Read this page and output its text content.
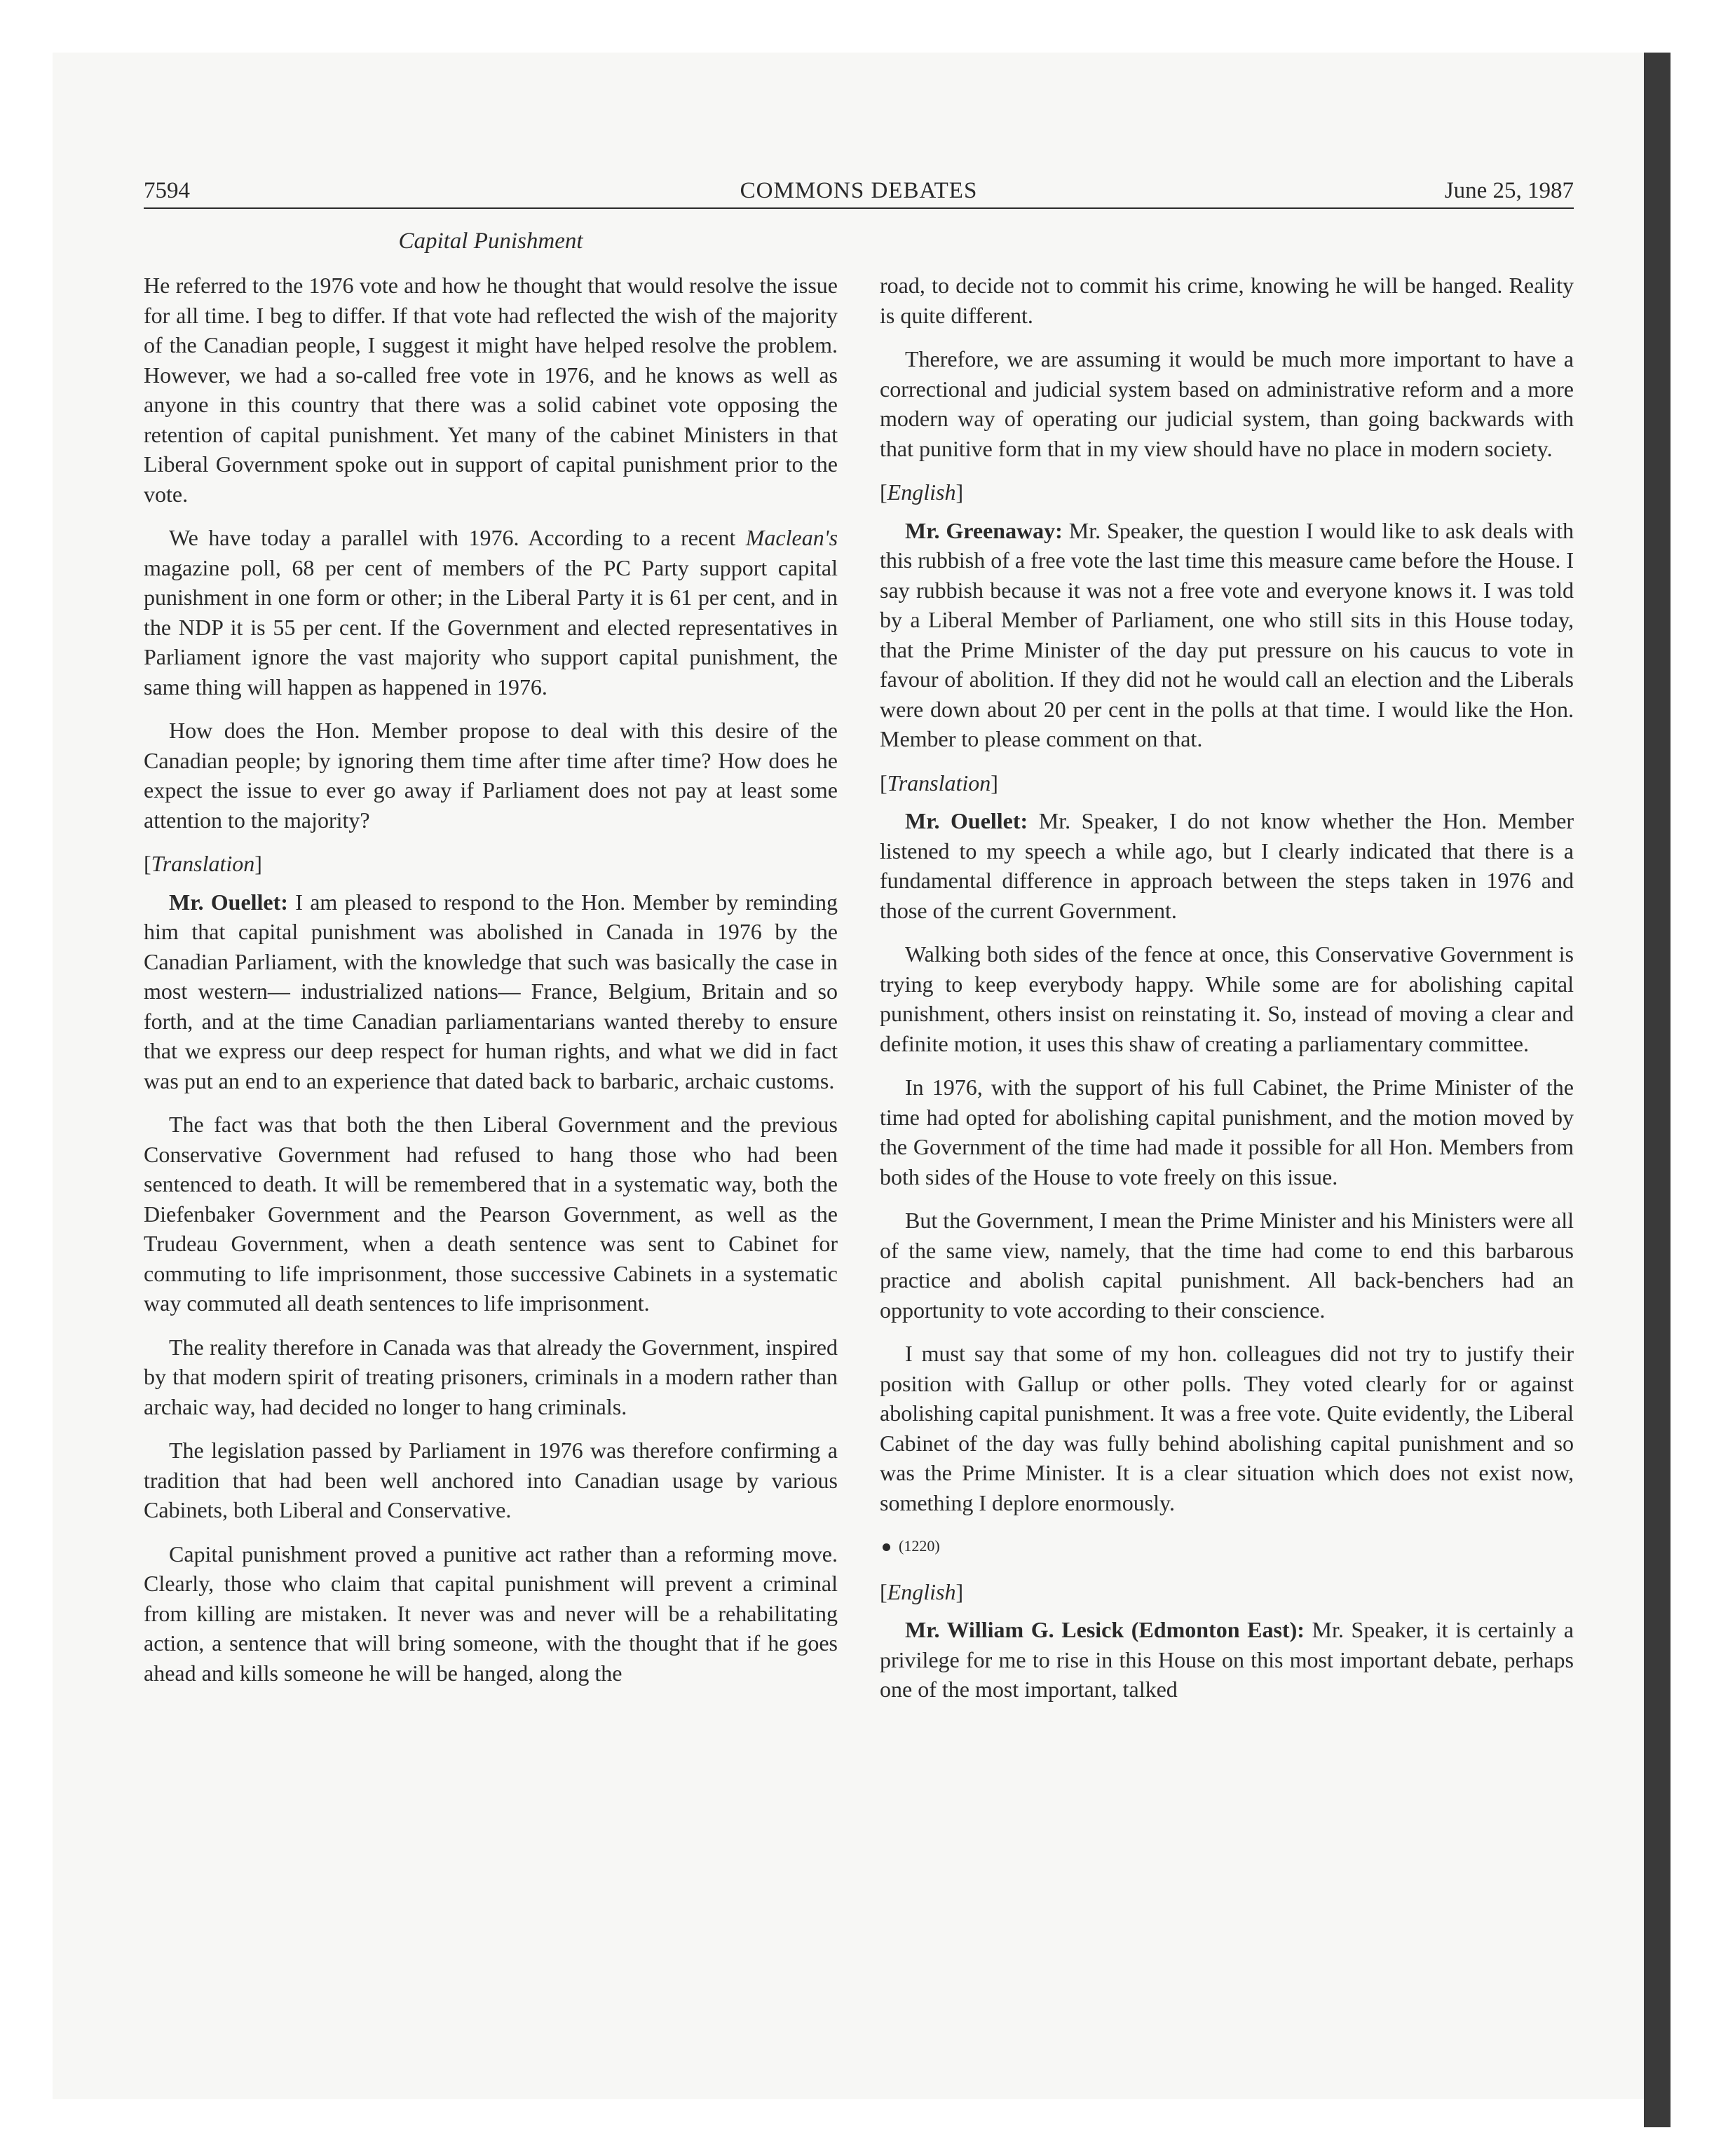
7594	COMMONS DEBATES	June 25, 1987
Capital Punishment

He referred to the 1976 vote and how he thought that would resolve the issue for all time. I beg to differ. If that vote had reflected the wish of the majority of the Canadian people, I suggest it might have helped resolve the problem. However, we had a so-called free vote in 1976, and he knows as well as anyone in this country that there was a solid cabinet vote opposing the retention of capital punishment. Yet many of the cabinet Ministers in that Liberal Government spoke out in support of capital punishment prior to the vote.

We have today a parallel with 1976. According to a recent Maclean's magazine poll, 68 per cent of members of the PC Party support capital punishment in one form or other; in the Liberal Party it is 61 per cent, and in the NDP it is 55 per cent. If the Government and elected representatives in Parliament ignore the vast majority who support capital punishment, the same thing will happen as happened in 1976.

How does the Hon. Member propose to deal with this desire of the Canadian people; by ignoring them time after time after time? How does he expect the issue to ever go away if Parliament does not pay at least some attention to the majority?

[Translation]

Mr. Ouellet: I am pleased to respond to the Hon. Member by reminding him that capital punishment was abolished in Canada in 1976 by the Canadian Parliament, with the knowledge that such was basically the case in most western— industrialized nations— France, Belgium, Britain and so forth, and at the time Canadian parliamentarians wanted thereby to ensure that we express our deep respect for human rights, and what we did in fact was put an end to an experience that dated back to barbaric, archaic customs.

The fact was that both the then Liberal Government and the previous Conservative Government had refused to hang those who had been sentenced to death. It will be remembered that in a systematic way, both the Diefenbaker Government and the Pearson Government, as well as the Trudeau Government, when a death sentence was sent to Cabinet for commuting to life imprisonment, those successive Cabinets in a systematic way commuted all death sentences to life imprisonment.

The reality therefore in Canada was that already the Government, inspired by that modern spirit of treating prisoners, criminals in a modern rather than archaic way, had decided no longer to hang criminals.

The legislation passed by Parliament in 1976 was therefore confirming a tradition that had been well anchored into Canadian usage by various Cabinets, both Liberal and Conservative.

Capital punishment proved a punitive act rather than a reforming move. Clearly, those who claim that capital punishment will prevent a criminal from killing are mistaken. It never was and never will be a rehabilitating action, a sentence that will bring someone, with the thought that if he goes ahead and kills someone he will be hanged, along the

road, to decide not to commit his crime, knowing he will be hanged. Reality is quite different.

Therefore, we are assuming it would be much more important to have a correctional and judicial system based on administrative reform and a more modern way of operating our judicial system, than going backwards with that punitive form that in my view should have no place in modern society.

[English]

Mr. Greenaway: Mr. Speaker, the question I would like to ask deals with this rubbish of a free vote the last time this measure came before the House. I say rubbish because it was not a free vote and everyone knows it. I was told by a Liberal Member of Parliament, one who still sits in this House today, that the Prime Minister of the day put pressure on his caucus to vote in favour of abolition. If they did not he would call an election and the Liberals were down about 20 per cent in the polls at that time. I would like the Hon. Member to please comment on that.

[Translation]

Mr. Ouellet: Mr. Speaker, I do not know whether the Hon. Member listened to my speech a while ago, but I clearly indicated that there is a fundamental difference in approach between the steps taken in 1976 and those of the current Government.

Walking both sides of the fence at once, this Conservative Government is trying to keep everybody happy. While some are for abolishing capital punishment, others insist on reinstating it. So, instead of moving a clear and definite motion, it uses this shaw of creating a parliamentary committee.

In 1976, with the support of his full Cabinet, the Prime Minister of the time had opted for abolishing capital punishment, and the motion moved by the Government of the time had made it possible for all Hon. Members from both sides of the House to vote freely on this issue.

But the Government, I mean the Prime Minister and his Ministers were all of the same view, namely, that the time had come to end this barbarous practice and abolish capital punishment. All back-benchers had an opportunity to vote according to their conscience.

I must say that some of my hon. colleagues did not try to justify their position with Gallup or other polls. They voted clearly for or against abolishing capital punishment. It was a free vote. Quite evidently, the Liberal Cabinet of the day was fully behind abolishing capital punishment and so was the Prime Minister. It is a clear situation which does not exist now, something I deplore enormously.

(1220)

[English]

Mr. William G. Lesick (Edmonton East): Mr. Speaker, it is certainly a privilege for me to rise in this House on this most important debate, perhaps one of the most important, talked
